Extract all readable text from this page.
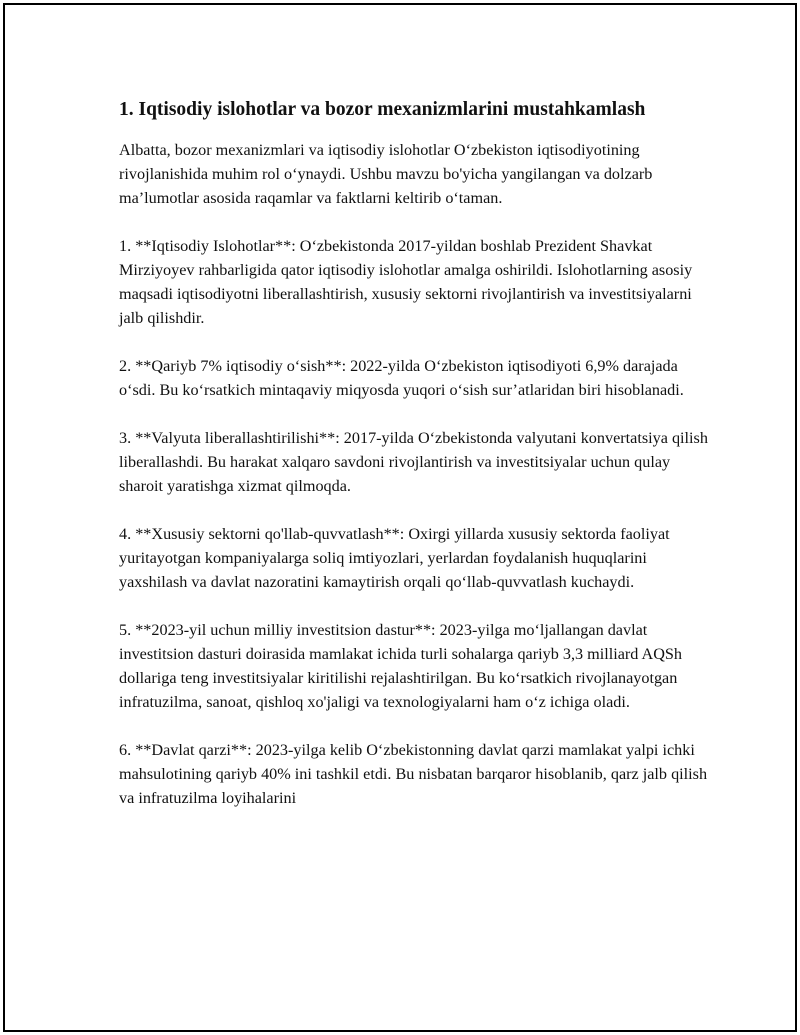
1. Iqtisodiy islohotlar va bozor mexanizmlarini mustahkamlash

Albatta, bozor mexanizmlari va iqtisodiy islohotlar O‘zbekiston iqtisodiyotining rivojlanishida muhim rol o‘ynaydi. Ushbu mavzu bo'yicha yangilangan va dolzarb ma’lumotlar asosida raqamlar va faktlarni keltirib o‘taman.

1. **Iqtisodiy Islohotlar**: O‘zbekistonda 2017-yildan boshlab Prezident Shavkat Mirziyoyev rahbarligida qator iqtisodiy islohotlar amalga oshirildi. Islohotlarning asosiy maqsadi iqtisodiyotni liberallashtirish, xususiy sektorni rivojlantirish va investitsiyalarni jalb qilishdir.

2. **Qariyb 7% iqtisodiy o‘sish**: 2022-yilda O‘zbekiston iqtisodiyoti 6,9% darajada o‘sdi. Bu ko‘rsatkich mintaqaviy miqyosda yuqori o‘sish sur’atlaridan biri hisoblanadi.

3. **Valyuta liberallashtirilishi**: 2017-yilda O‘zbekistonda valyutani konvertatsiya qilish liberallashdi. Bu harakat xalqaro savdoni rivojlantirish va investitsiyalar uchun qulay sharoit yaratishga xizmat qilmoqda.

4. **Xususiy sektorni qo'llab-quvvatlash**: Oxirgi yillarda xususiy sektorda faoliyat yuritayotgan kompaniyalarga soliq imtiyozlari, yerlardan foydalanish huquqlarini yaxshilash va davlat nazoratini kamaytirish orqali qo‘llab-quvvatlash kuchaydi.

5. **2023-yil uchun milliy investitsion dastur**: 2023-yilga mo‘ljallangan davlat investitsion dasturi doirasida mamlakat ichida turli sohalarga qariyb 3,3 milliard AQSh dollariga teng investitsiyalar kiritilishi rejalashtirilgan. Bu ko‘rsatkich rivojlanayotgan infratuzilma, sanoat, qishloq xo'jaligi va texnologiyalarni ham o‘z ichiga oladi.

6. **Davlat qarzi**: 2023-yilga kelib O‘zbekistonning davlat qarzi mamlakat yalpi ichki mahsulotining qariyb 40% ini tashkil etdi. Bu nisbatan barqaror hisoblanib, qarz jalb qilish va infratuzilma loyihalarini
